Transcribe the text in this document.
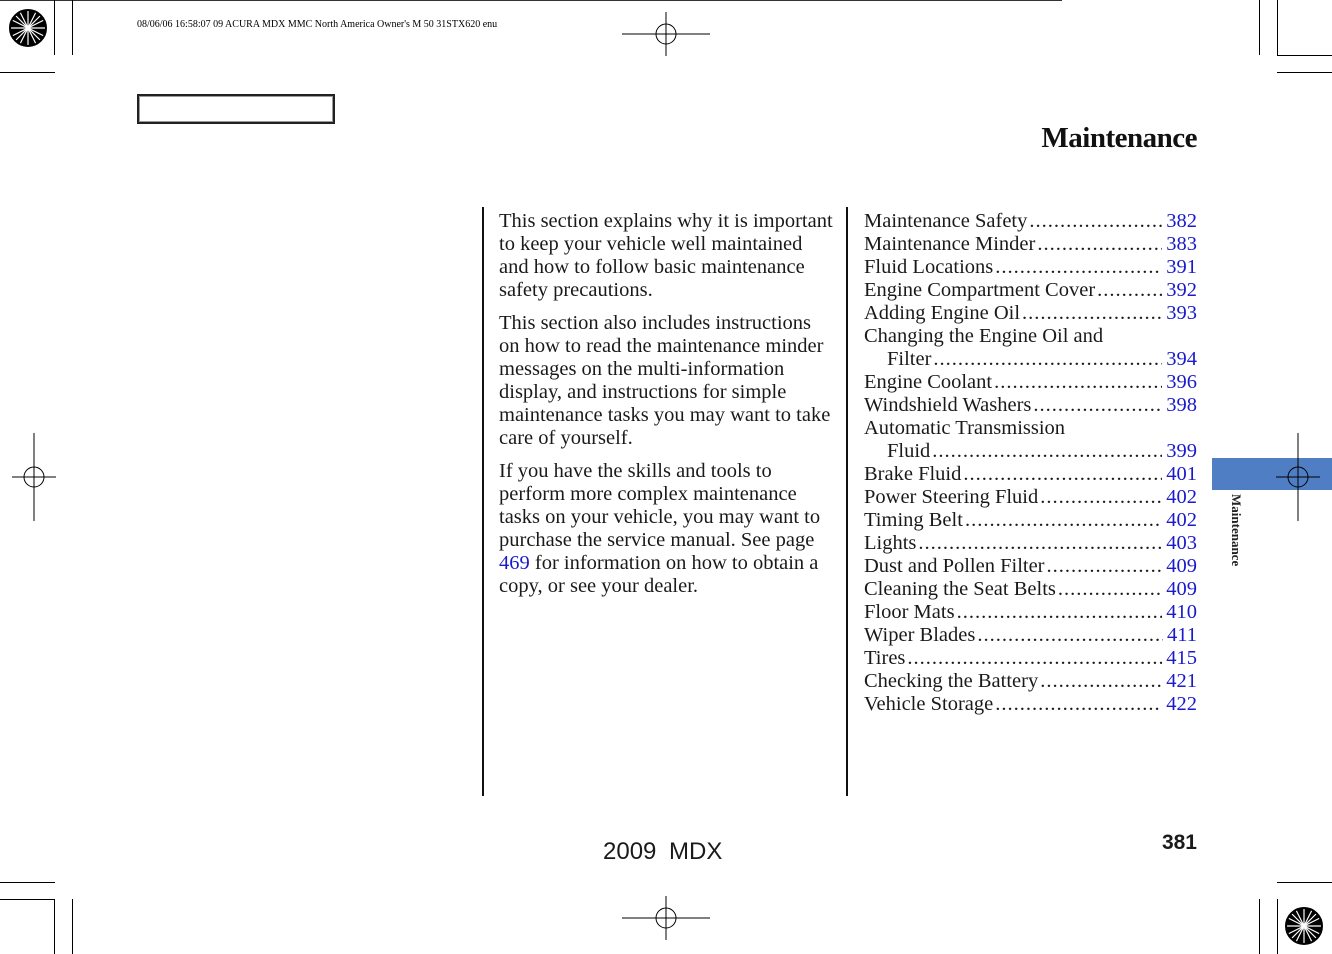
08/06/06 16:58:07 09 ACURA MDX MMC North America Owner's M 50 31STX620 enu
Maintenance

This section explains why it is important to keep your vehicle well maintained and how to follow basic maintenance safety precautions.

This section also includes instructions on how to read the maintenance minder messages on the multi-information display, and instructions for simple maintenance tasks you may want to take care of yourself.

If you have the skills and tools to perform more complex maintenance tasks on your vehicle, you may want to purchase the service manual. See page 469 for information on how to obtain a copy, or see your dealer.

Maintenance Safety .....	382
Maintenance Minder .....	383
Fluid Locations .....	391
Engine Compartment Cover .....	392
Adding Engine Oil .....	393
Changing the Engine Oil and
Filter .....	394
Engine Coolant .....	396
Windshield Washers .....	398
Automatic Transmission
Fluid .....	399
Brake Fluid .....	401
Power Steering Fluid .....	402
Timing Belt .....	402
Lights .....	403
Dust and Pollen Filter .....	409
Cleaning the Seat Belts .....	409
Floor Mats .....	410
Wiper Blades .....	411
Tires .....	415
Checking the Battery .....	421
Vehicle Storage .....	422
Maintenance
381
2009 MDX
